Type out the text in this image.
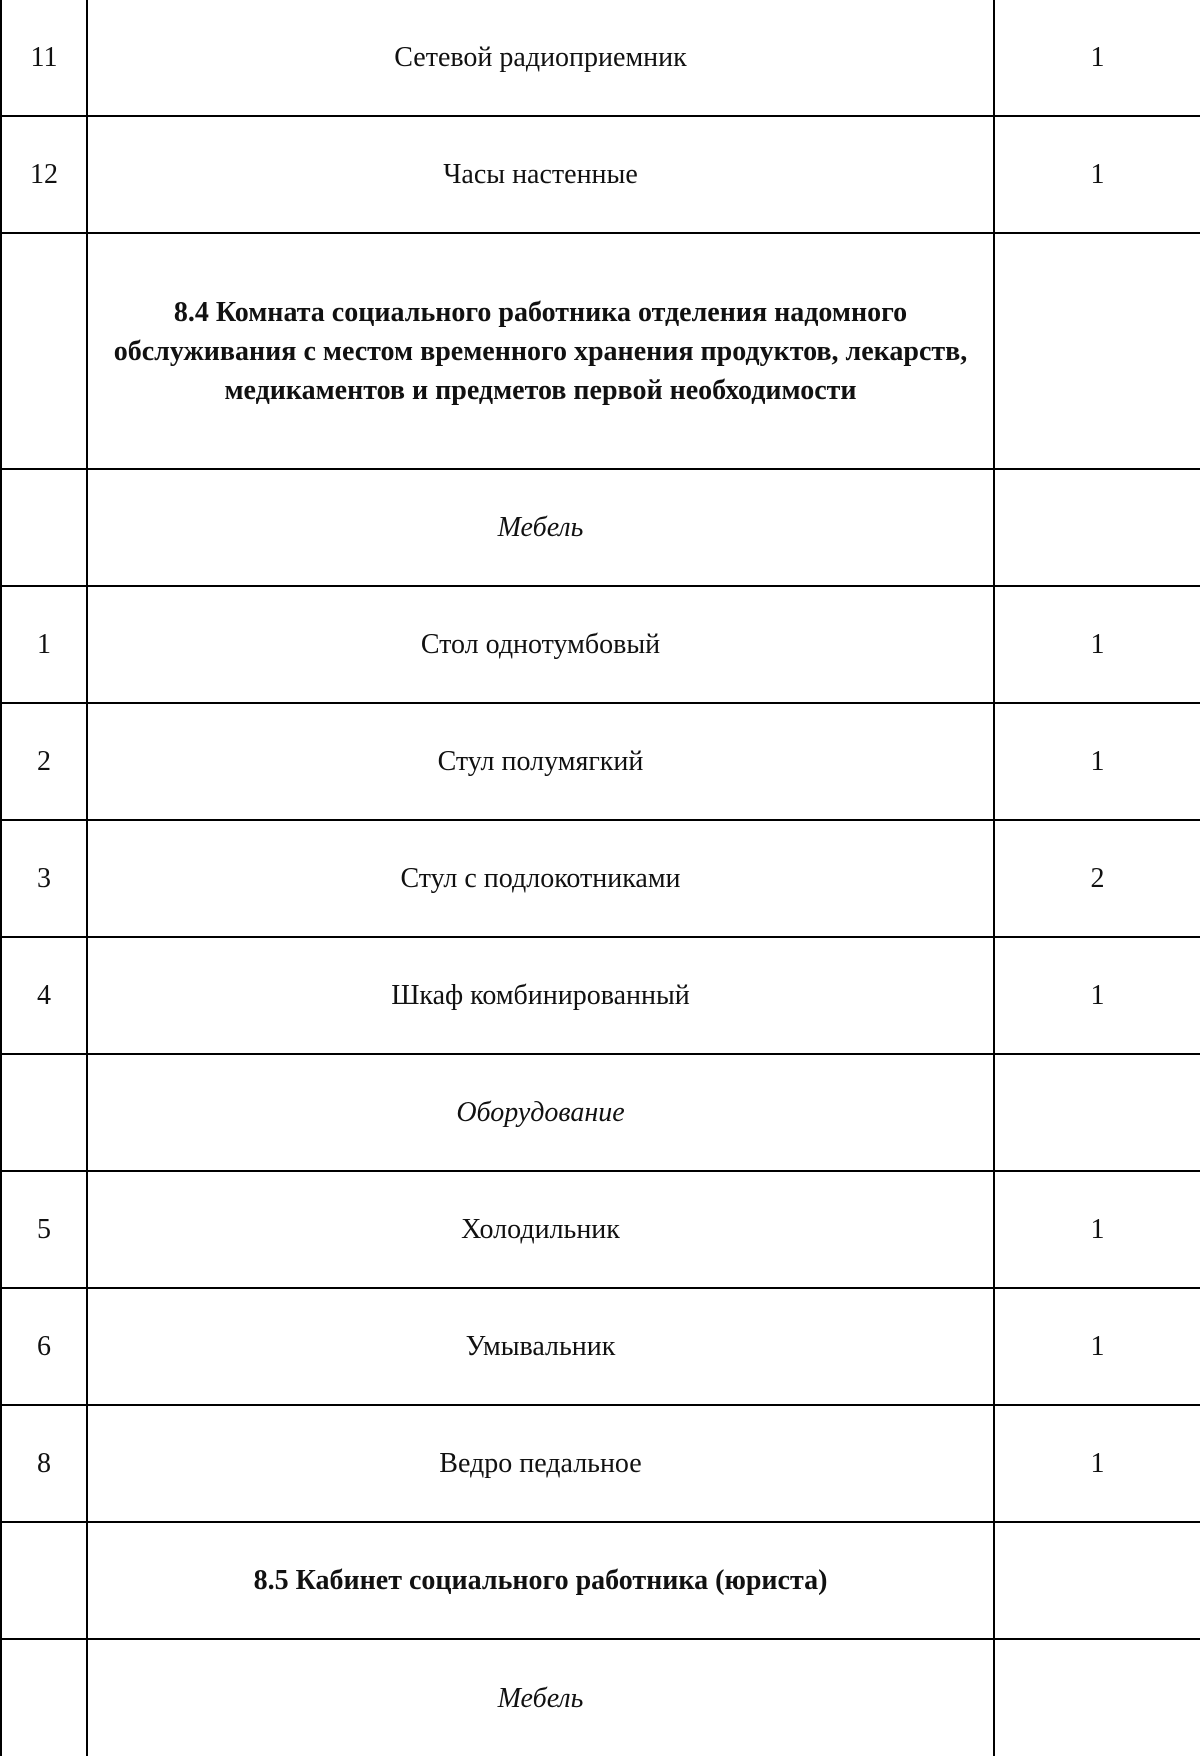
11	Сетевой радиоприемник	1
12	Часы настенные	1
	8.4 Комната социального работника отделения надомного обслуживания с местом временного хранения продуктов, лекарств, медикаментов и предметов первой необходимости	
	Мебель	
1	Стол однотумбовый	1
2	Стул полумягкий	1
3	Стул с подлокотниками	2
4	Шкаф комбинированный	1
	Оборудование	
5	Холодильник	1
6	Умывальник	1
8	Ведро педальное	1
	8.5 Кабинет социального работника (юриста)	
	Мебель	
